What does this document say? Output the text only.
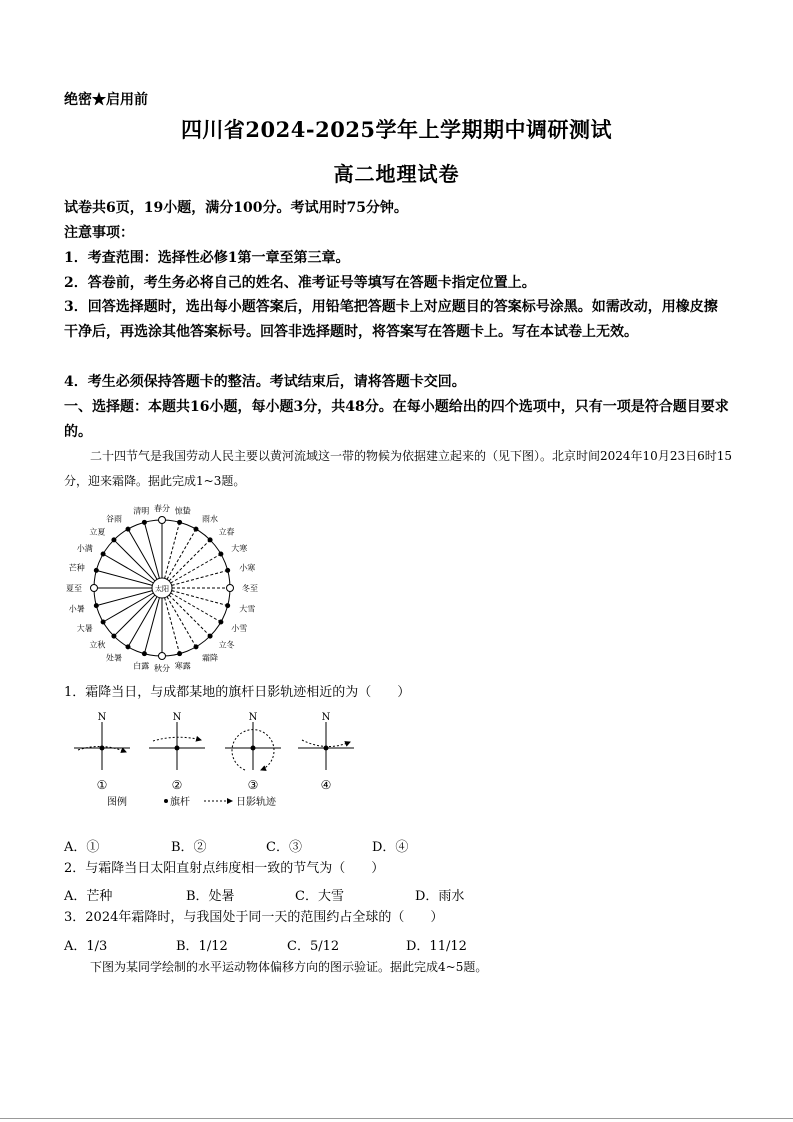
绝密★启用前
四川省2024-2025学年上学期期中调研测试
高二地理试卷
试卷共6页，19小题，满分100分。考试用时75分钟。
注意事项：
1．考查范围：选择性必修1第一章至第三章。
2．答卷前，考生务必将自己的姓名、准考证号等填写在答题卡指定位置上。
3．回答选择题时，选出每小题答案后，用铅笔把答题卡上对应题目的答案标号涂黑。如需改动，用橡皮擦干净后，再选涂其他答案标号。回答非选择题时，将答案写在答题卡上。写在本试卷上无效。
4．考生必须保持答题卡的整洁。考试结束后，请将答题卡交回。
一、选择题：本题共16小题，每小题3分，共48分。在每小题给出的四个选项中，只有一项是符合题目要求的。
二十四节气是我国劳动人民主要以黄河流域这一带的物候为依据建立起来的（见下图）。北京时间2024年10月23日6时15分，迎来霜降。据此完成1~3题。
太阳
春分 惊蛰
雨水
立春
大寒
小寒
冬至
大雪
小雪
立冬
霜降
寒露
秋分
白露
处暑
立秋
大暑
小暑
夏至
芒种
小满
立夏
谷雨
清明
1．霜降当日，与成都某地的旗杆日影轨迹相近的为（　　）
N
①
N
②
N
③
N
④
图例	旗杆	日影轨迹
A．①	B．②	C．③	D．④
2．与霜降当日太阳直射点纬度相一致的节气为（　　）
A．芒种	B．处暑	C．大雪	D．雨水
3．2024年霜降时，与我国处于同一天的范围约占全球的（　　）
A．1/3	B．1/12	C．5/12	D．11/12
下图为某同学绘制的水平运动物体偏移方向的图示验证。据此完成4~5题。
